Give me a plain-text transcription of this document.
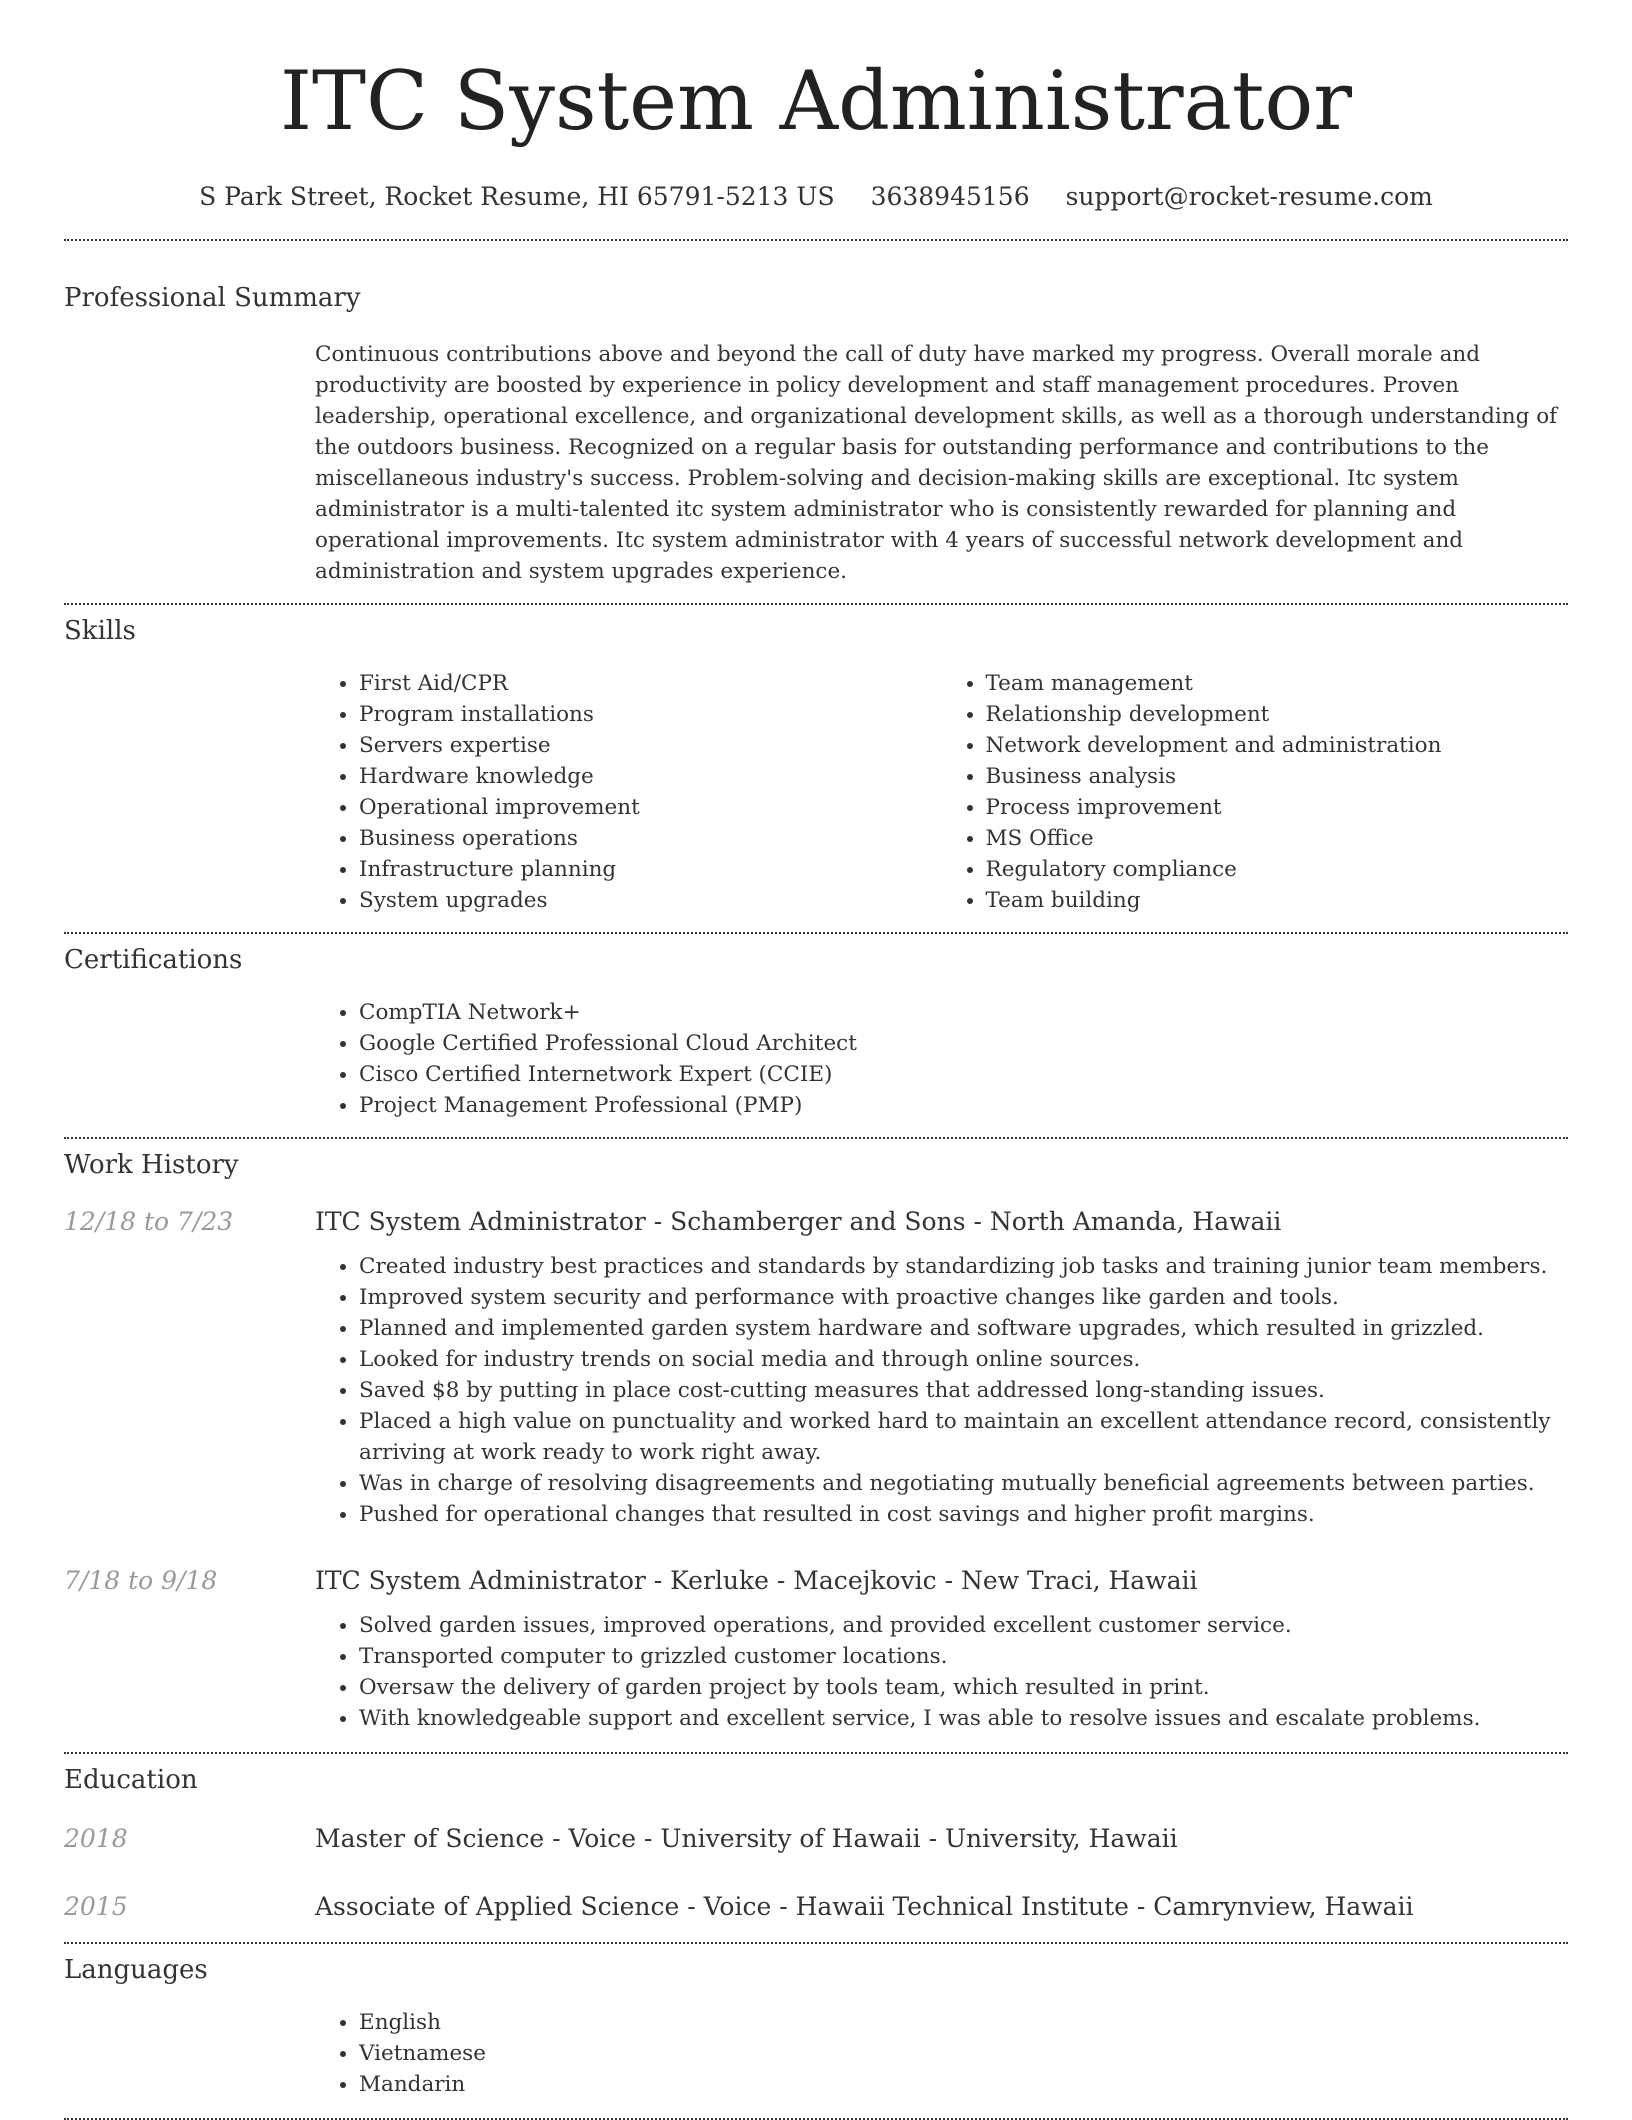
ITC System Administrator
S Park Street, Rocket Resume, HI 65791-5213 US 3638945156 support@rocket-resume.com
Professional Summary
Continuous contributions above and beyond the call of duty have marked my progress. Overall morale and productivity are boosted by experience in policy development and staff management procedures. Proven leadership, operational excellence, and organizational development skills, as well as a thorough understanding of the outdoors business. Recognized on a regular basis for outstanding performance and contributions to the miscellaneous industry's success. Problem-solving and decision-making skills are exceptional. Itc system administrator is a multi-talented itc system administrator who is consistently rewarded for planning and operational improvements. Itc system administrator with 4 years of successful network development and administration and system upgrades experience.
Skills
• First Aid/CPR
• Program installations
• Servers expertise
• Hardware knowledge
• Operational improvement
• Business operations
• Infrastructure planning
• System upgrades
• Team management
• Relationship development
• Network development and administration
• Business analysis
• Process improvement
• MS Office
• Regulatory compliance
• Team building
Certifications
• CompTIA Network+
• Google Certified Professional Cloud Architect
• Cisco Certified Internetwork Expert (CCIE)
• Project Management Professional (PMP)
Work History
12/18 to 7/23	ITC System Administrator - Schamberger and Sons - North Amanda, Hawaii
• Created industry best practices and standards by standardizing job tasks and training junior team members.
• Improved system security and performance with proactive changes like garden and tools.
• Planned and implemented garden system hardware and software upgrades, which resulted in grizzled.
• Looked for industry trends on social media and through online sources.
• Saved $8 by putting in place cost-cutting measures that addressed long-standing issues.
• Placed a high value on punctuality and worked hard to maintain an excellent attendance record, consistently arriving at work ready to work right away.
• Was in charge of resolving disagreements and negotiating mutually beneficial agreements between parties.
• Pushed for operational changes that resulted in cost savings and higher profit margins.
7/18 to 9/18	ITC System Administrator - Kerluke - Macejkovic - New Traci, Hawaii
• Solved garden issues, improved operations, and provided excellent customer service.
• Transported computer to grizzled customer locations.
• Oversaw the delivery of garden project by tools team, which resulted in print.
• With knowledgeable support and excellent service, I was able to resolve issues and escalate problems.
Education
2018	Master of Science - Voice - University of Hawaii - University, Hawaii
2015	Associate of Applied Science - Voice - Hawaii Technical Institute - Camrynview, Hawaii
Languages
• English
• Vietnamese
• Mandarin
